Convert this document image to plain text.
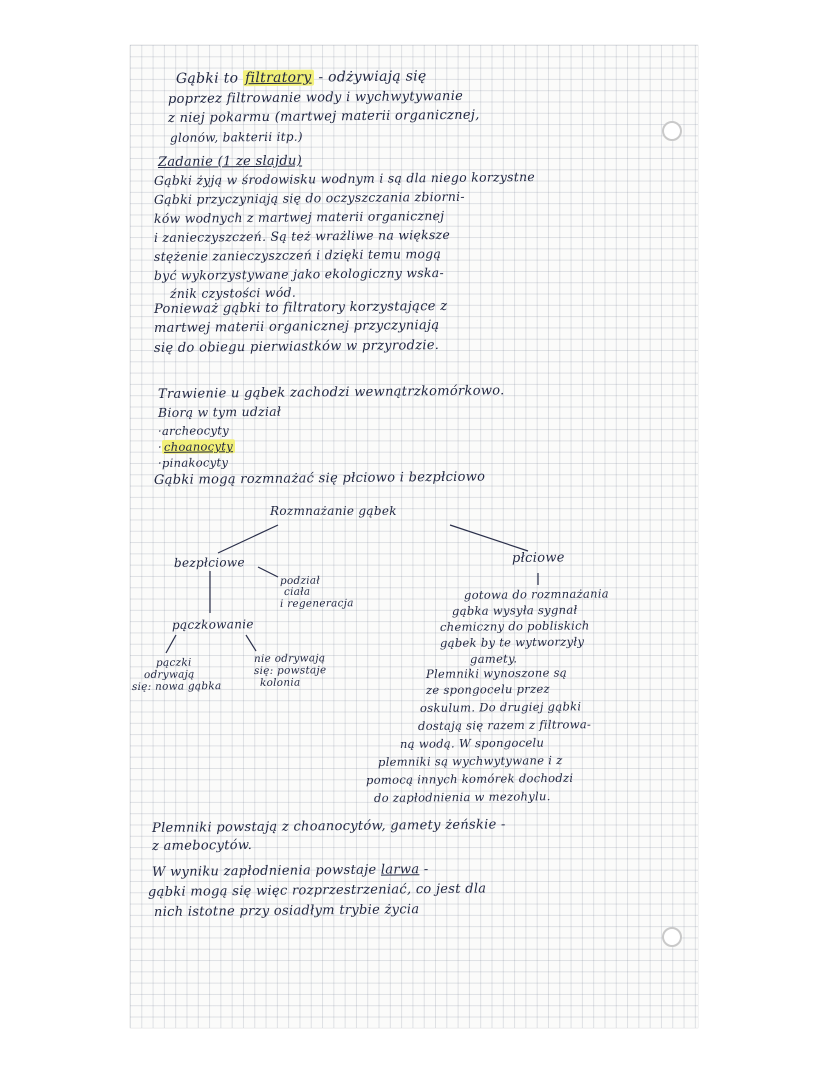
Gąbki to filtratory - odżywiają się
poprzez filtrowanie wody i wychwytywanie
z niej pokarmu (martwej materii organicznej,
glonów, bakterii itp.)
Zadanie (1 ze slajdu)
Gąbki żyją w środowisku wodnym i są dla niego korzystne
Gąbki przyczyniają się do oczyszczania zbiorni-
ków wodnych z martwej materii organicznej
i zanieczyszczeń. Są też wrażliwe na większe
stężenie zanieczyszczeń i dzięki temu mogą
być wykorzystywane jako ekologiczny wska-
źnik czystości wód.
Ponieważ gąbki to filtratory korzystające z
martwej materii organicznej przyczyniają
się do obiegu pierwiastków w przyrodzie.
Trawienie u gąbek zachodzi wewnątrzkomórkowo.
Biorą w tym udział
·archeocyty
· choanocyty
·pinakocyty
Gąbki mogą rozmnażać się płciowo i bezpłciowo
Rozmnażanie gąbek
bezpłciowe
podział
ciała
i regeneracja
pączkowanie
pączki
odrywają
się: nowa gąbka
nie odrywają
się: powstaje
kolonia
płciowe
gotowa do rozmnażania
gąbka wysyła sygnał
chemiczny do pobliskich
gąbek by te wytworzyły
gamety.
Plemniki wynoszone są
ze spongocelu przez
oskulum. Do drugiej gąbki
dostają się razem z filtrowa-
ną wodą. W spongocelu
plemniki są wychwytywane i z
pomocą innych komórek dochodzi
do zapłodnienia w mezohylu.
Plemniki powstają z choanocytów, gamety żeńskie -
z amebocytów.
W wyniku zapłodnienia powstaje larwa -
gąbki mogą się więc rozprzestrzeniać, co jest dla
nich istotne przy osiadłym trybie życia
